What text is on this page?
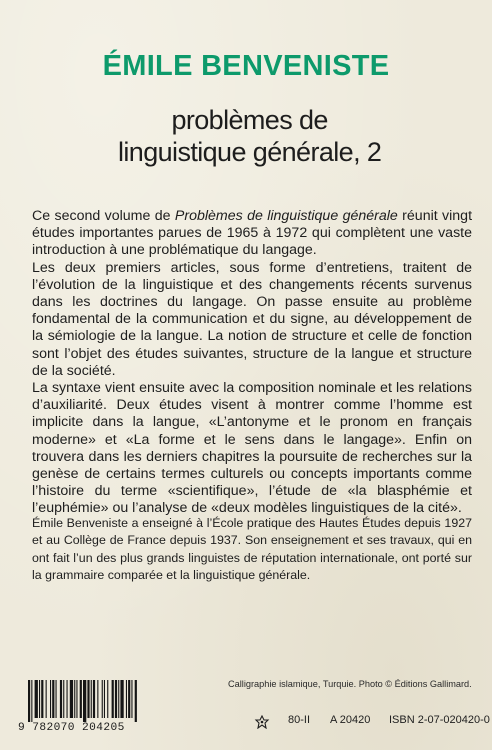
ÉMILE BENVENISTE
problèmes de
linguistique générale, 2

Ce second volume de Problèmes de linguistique générale réunit vingt études importantes parues de 1965 à 1972 qui complètent une vaste introduction à une problématique du langage.

Les deux premiers articles, sous forme d’entretiens, traitent de l’évolution de la linguistique et des changements récents survenus dans les doctrines du langage. On passe ensuite au problème fondamental de la communication et du signe, au développement de la sémiologie de la langue. La notion de structure et celle de fonction sont l’objet des études suivantes, structure de la langue et structure de la société.

La syntaxe vient ensuite avec la composition nominale et les relations d’auxiliarité. Deux études visent à montrer comme l’homme est implicite dans la langue, «L’antonyme et le pronom en français moderne» et «La forme et le sens dans le langage». Enfin on trouvera dans les derniers chapitres la poursuite de recherches sur la genèse de certains termes culturels ou concepts importants comme l’histoire du terme «scientifique», l’étude de «la blasphémie et l’euphémie» ou l’analyse de «deux modèles linguistiques de la cité».

Émile Benveniste a enseigné à l’École pratique des Hautes Études depuis 1927 et au Collège de France depuis 1937. Son enseignement et ses travaux, qui en ont fait l’un des plus grands linguistes de réputation internationale, ont porté sur la grammaire comparée et la linguistique générale.

Calligraphie islamique, Turquie. Photo © Éditions Gallimard.
9 782070 204205
80-II A 20420 ISBN 2-07-020420-0
